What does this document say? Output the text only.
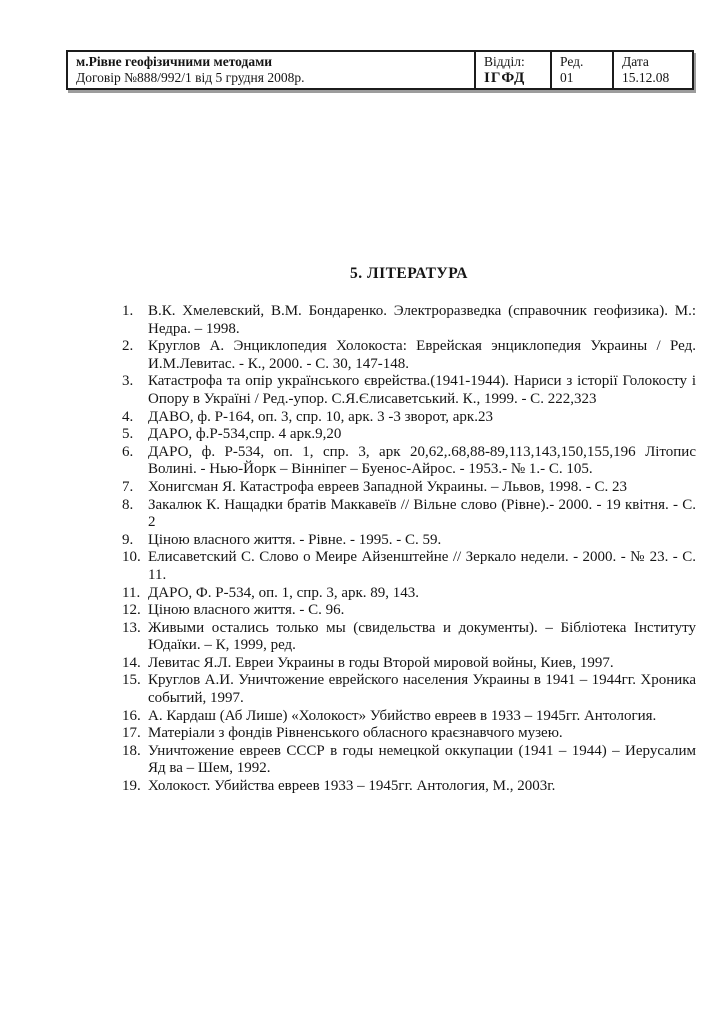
м.Рівне геофізичними методами
Договір №888/992/1 від 5 грудня 2008р.
Відділ:
ІГФД
Ред.
01
Дата
15.12.08
5. ЛІТЕРАТУРА
1. В.К. Хмелевский, В.М. Бондаренко. Электроразведка (справочник геофизика). М.: Недра. – 1998.
2. Круглов А. Энциклопедия Холокоста: Еврейская энциклопедия Украины / Ред. И.М.Левитас. - К., 2000. - С. 30, 147-148.
3. Катастрофа та опір українського єврейства.(1941-1944). Нариси з історії Голокосту і Опору в Україні / Ред.-упор. С.Я.Єлисаветський. К., 1999. - С. 222,323
4. ДАВО, ф. Р-164, оп. 3, спр. 10, арк. 3 -3 зворот, арк.23
5. ДАРО, ф.Р-534,спр. 4 арк.9,20
6. ДАРО, ф. Р-534, оп. 1, спр. 3, арк 20,62,.68,88-89,113,143,150,155,196 Літопис Волині. - Нью-Йорк – Вінніпег – Буенос-Айрос. - 1953.- № 1.- С. 105.
7. Хонигсман Я. Катастрофа евреев Западной Украины. – Львов, 1998. - С. 23
8. Закалюк К. Нащадки братів Маккавеїв // Вільне слово (Рівне).- 2000. - 19 квітня. - С. 2
9. Ціною власного життя. - Рівне. - 1995. - С. 59.
10. Елисаветский С. Слово о Меире Айзенштейне // Зеркало недели. - 2000. - № 23. - С. 11.
11. ДАРО, Ф. Р-534, оп. 1, спр. 3, арк. 89, 143.
12. Ціною власного життя. - С. 96.
13. Живыми остались только мы (свидельства и документы). – Бібліотека Інституту Юдаїки. – К, 1999, ред.
14. Левитас Я.Л. Евреи Украины в годы Второй мировой войны, Киев, 1997.
15. Круглов А.И. Уничтожение еврейского населения Украины в 1941 – 1944гг. Хроника событий, 1997.
16. А. Кардаш (Аб Лише) «Холокост» Убийство евреев в 1933 – 1945гг. Антология.
17. Матеріали з фондів Рівненського обласного краєзнавчого музею.
18. Уничтожение евреев СССР в годы немецкой оккупации (1941 – 1944) – Иерусалим Яд ва – Шем, 1992.
19. Холокост. Убийства евреев 1933 – 1945гг. Антология, М., 2003г.
